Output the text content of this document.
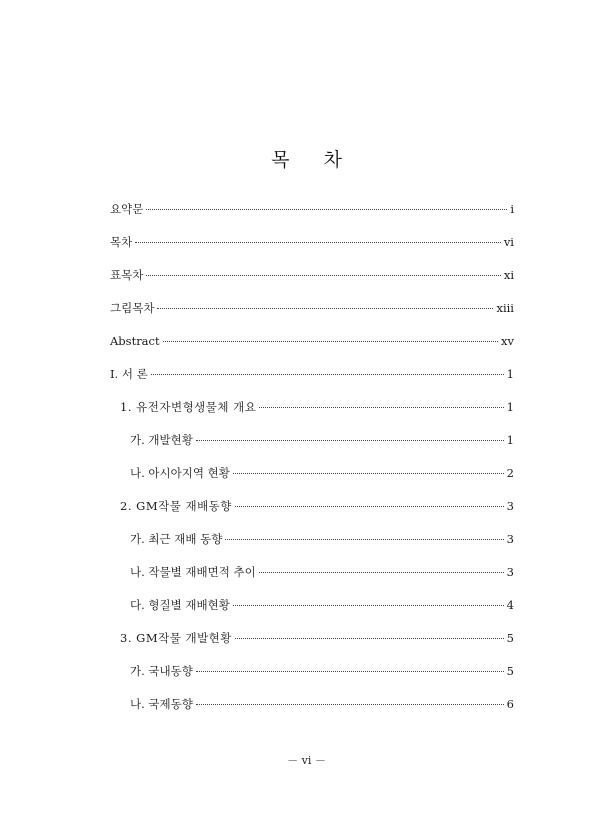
목 차
요약문	i
목차	vi
표목차	xi
그림목차	xiii
Abstract	xv
Ⅰ. 서 론	1
1. 유전자변형생물체 개요	1
가. 개발현황	1
나. 아시아지역 현황	2
2. GM작물 재배동향	3
가. 최근 재배 동향	3
나. 작물별 재배면적 추이	3
다. 형질별 재배현황	4
3. GM작물 개발현황	5
가. 국내동향	5
나. 국제동향	6
－ vi －
